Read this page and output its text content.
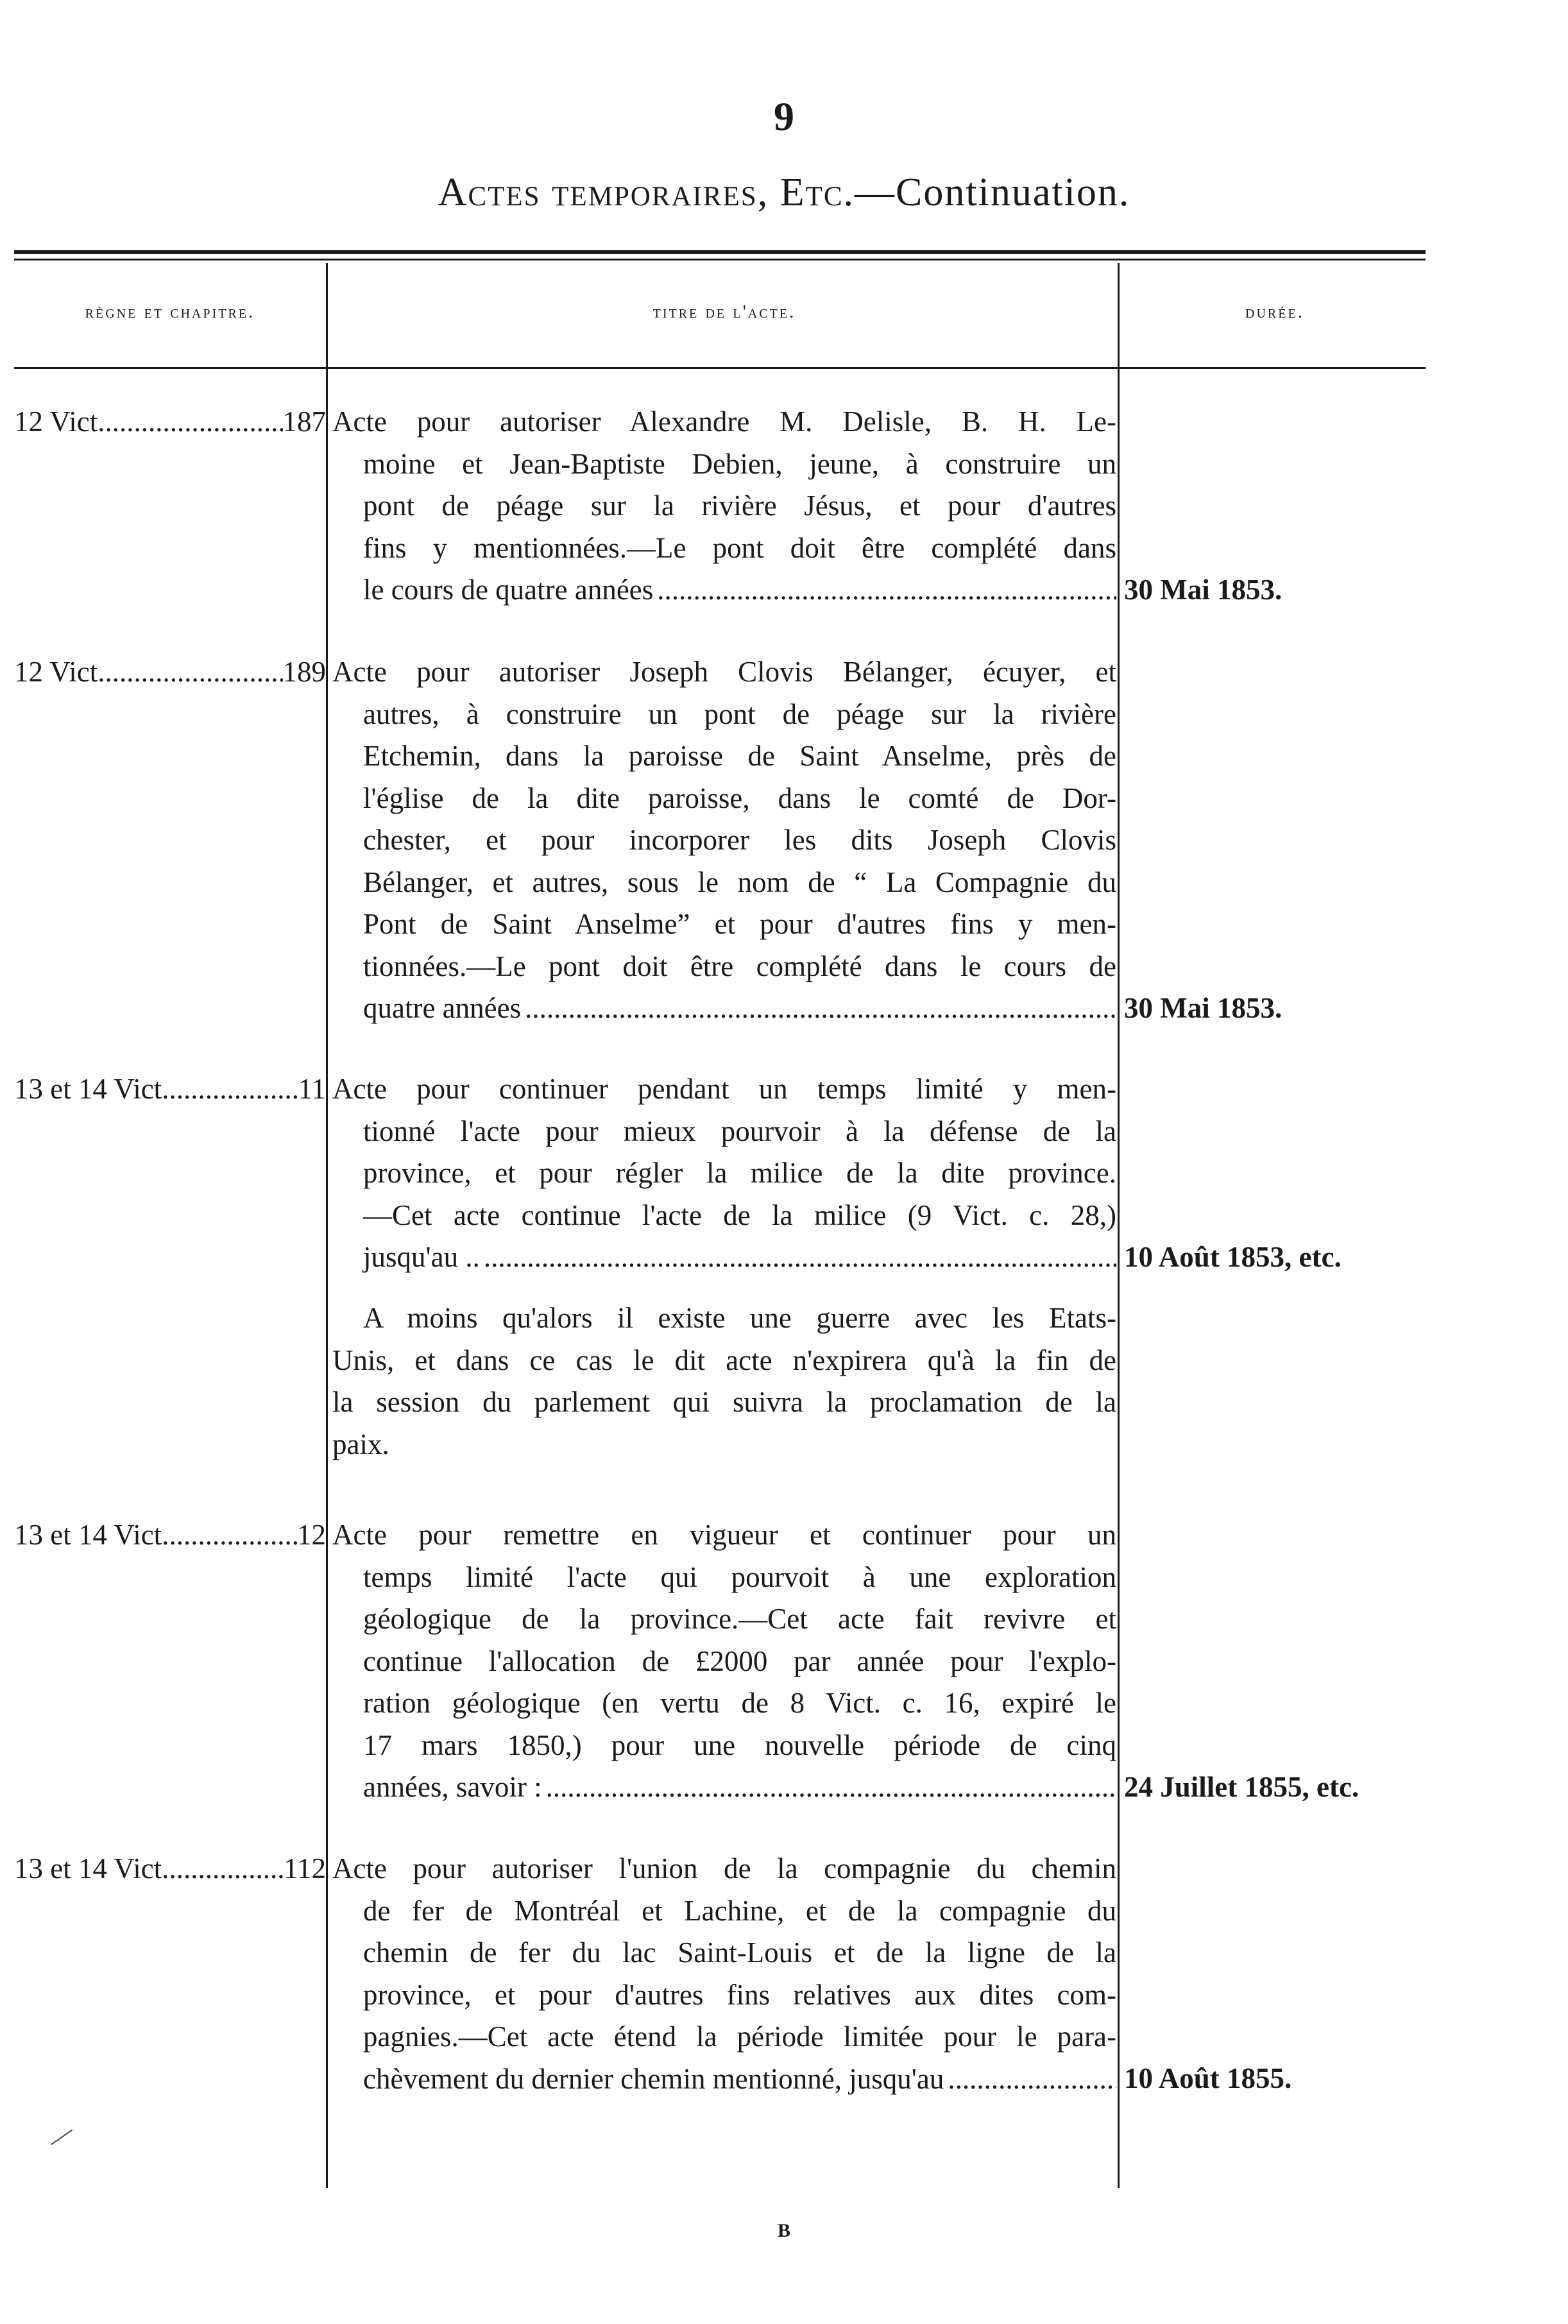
9
Actes temporaires, Etc.—Continuation.
règne et chapitre.	titre de l'acte.	durée.
12 Vict .....	187 Acte pour autoriser Alexandre M. Delisle, B. H. Le-
moine et Jean-Baptiste Debien, jeune, à construire un
pont de péage sur la rivière Jésus, et pour d'autres
fins y mentionnées.—Le pont doit être complété dans
le cours de quatre années .....	30 Mai 1853.
12 Vict .....	189 Acte pour autoriser Joseph Clovis Bélanger, écuyer, et
autres, à construire un pont de péage sur la rivière
Etchemin, dans la paroisse de Saint Anselme, près de
l'église de la dite paroisse, dans le comté de Dor-
chester, et pour incorporer les dits Joseph Clovis
Bélanger, et autres, sous le nom de “ La Compagnie du
Pont de Saint Anselme” et pour d'autres fins y men-
tionnées.—Le pont doit être complété dans le cours de
quatre années .....	30 Mai 1853.
13 et 14 Vict .....	11 Acte pour continuer pendant un temps limité y men-
tionné l'acte pour mieux pourvoir à la défense de la
province, et pour régler la milice de la dite province.
—Cet acte continue l'acte de la milice (9 Vict. c. 28,)
jusqu'au .. .....	10 Août 1853, etc.
A moins qu'alors il existe une guerre avec les Etats-
Unis, et dans ce cas le dit acte n'expirera qu'à la fin de
la session du parlement qui suivra la proclamation de la
paix.
13 et 14 Vict .....	12 Acte pour remettre en vigueur et continuer pour un
temps limité l'acte qui pourvoit à une exploration
géologique de la province.—Cet acte fait revivre et
continue l'allocation de £2000 par année pour l'explo-
ration géologique (en vertu de 8 Vict. c. 16, expiré le
17 mars 1850,) pour une nouvelle période de cinq
années, savoir : .....	24 Juillet 1855, etc.
13 et 14 Vict. .....	112 Acte pour autoriser l'union de la compagnie du chemin
de fer de Montréal et Lachine, et de la compagnie du
chemin de fer du lac Saint-Louis et de la ligne de la
province, et pour d'autres fins relatives aux dites com-
pagnies.—Cet acte étend la période limitée pour le para-
chèvement du dernier chemin mentionné, jusqu'au .....	10 Août 1855.
B
